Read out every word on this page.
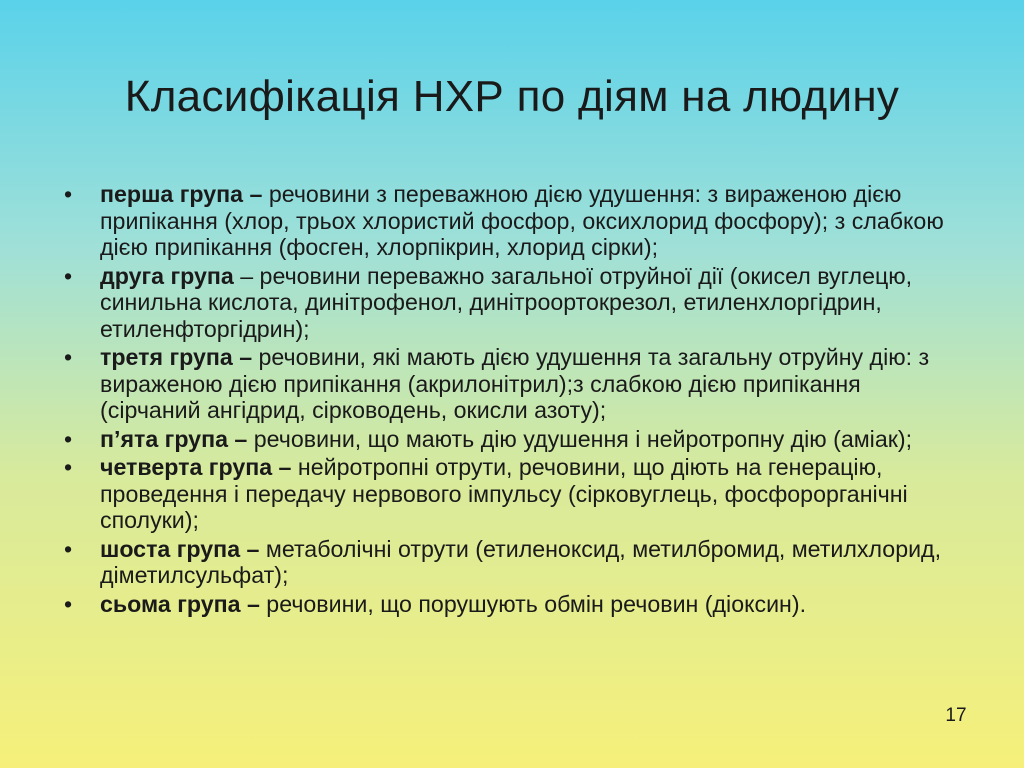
Класифікація НХР по діям на людину
• перша група – речовини з переважною дією удушення: з вираженою дією припікання (хлор, трьох хлористий фосфор, оксихлорид фосфору); з слабкою дією припікання (фосген, хлорпікрин, хлорид сірки);
• друга група – речовини переважно загальної отруйної дії (окисел вуглецю, синильна кислота, динітрофенол, динітроортокрезол, етиленхлоргідрин, етиленфторгідрин);
• третя група – речовини, які мають дією удушення та загальну отруйну дію: з вираженою дією припікання (акрилонітрил);з слабкою дією припікання (сірчаний ангідрид, сірководень, окисли азоту);
• п’ята група – речовини, що мають дію удушення і нейротропну дію (аміак);
• четверта група – нейротропні отрути, речовини, що діють на генерацію, проведення і передачу нервового імпульсу (сірковуглець, фосфорорганічні сполуки);
• шоста група – метаболічні отрути (етиленоксид, метилбромид, метилхлорид, діметилсульфат);
• сьома група – речовини, що порушують обмін речовин (діоксин).
17
